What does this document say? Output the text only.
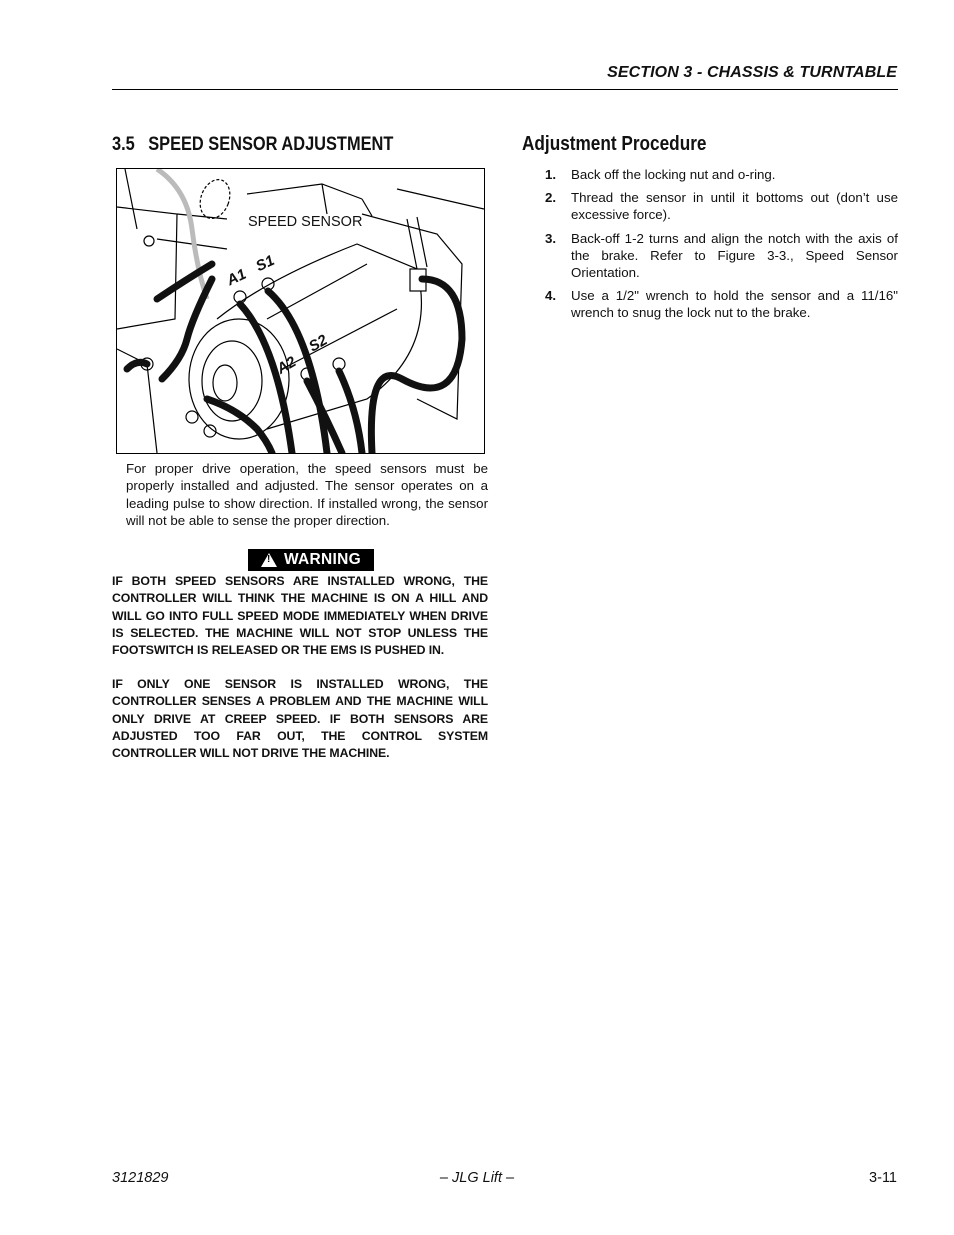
SECTION 3 - CHASSIS & TURNTABLE
3.5 SPEED SENSOR ADJUSTMENT
SPEED SENSOR
A1
S1
A2
S2
For proper drive operation, the speed sensors must be properly installed and adjusted. The sensor operates on a leading pulse to show direction. If installed wrong, the sensor will not be able to sense the proper direction.
!
WARNING
IF BOTH SPEED SENSORS ARE INSTALLED WRONG, THE CONTROLLER WILL THINK THE MACHINE IS ON A HILL AND WILL GO INTO FULL SPEED MODE IMMEDIATELY WHEN DRIVE IS SELECTED. THE MACHINE WILL NOT STOP UNLESS THE FOOTSWITCH IS RELEASED OR THE EMS IS PUSHED IN.
IF ONLY ONE SENSOR IS INSTALLED WRONG, THE CONTROLLER SENSES A PROBLEM AND THE MACHINE WILL ONLY DRIVE AT CREEP SPEED. IF BOTH SENSORS ARE ADJUSTED TOO FAR OUT, THE CONTROL SYSTEM CONTROLLER WILL NOT DRIVE THE MACHINE.
Adjustment Procedure
1. Back off the locking nut and o-ring.
2. Thread the sensor in until it bottoms out (don’t use excessive force).
3. Back-off 1-2 turns and align the notch with the axis of the brake. Refer to Figure 3-3., Speed Sensor Orientation.
4. Use a 1/2" wrench to hold the sensor and a 11/16" wrench to snug the lock nut to the brake.
3121829	– JLG Lift –	3-11
